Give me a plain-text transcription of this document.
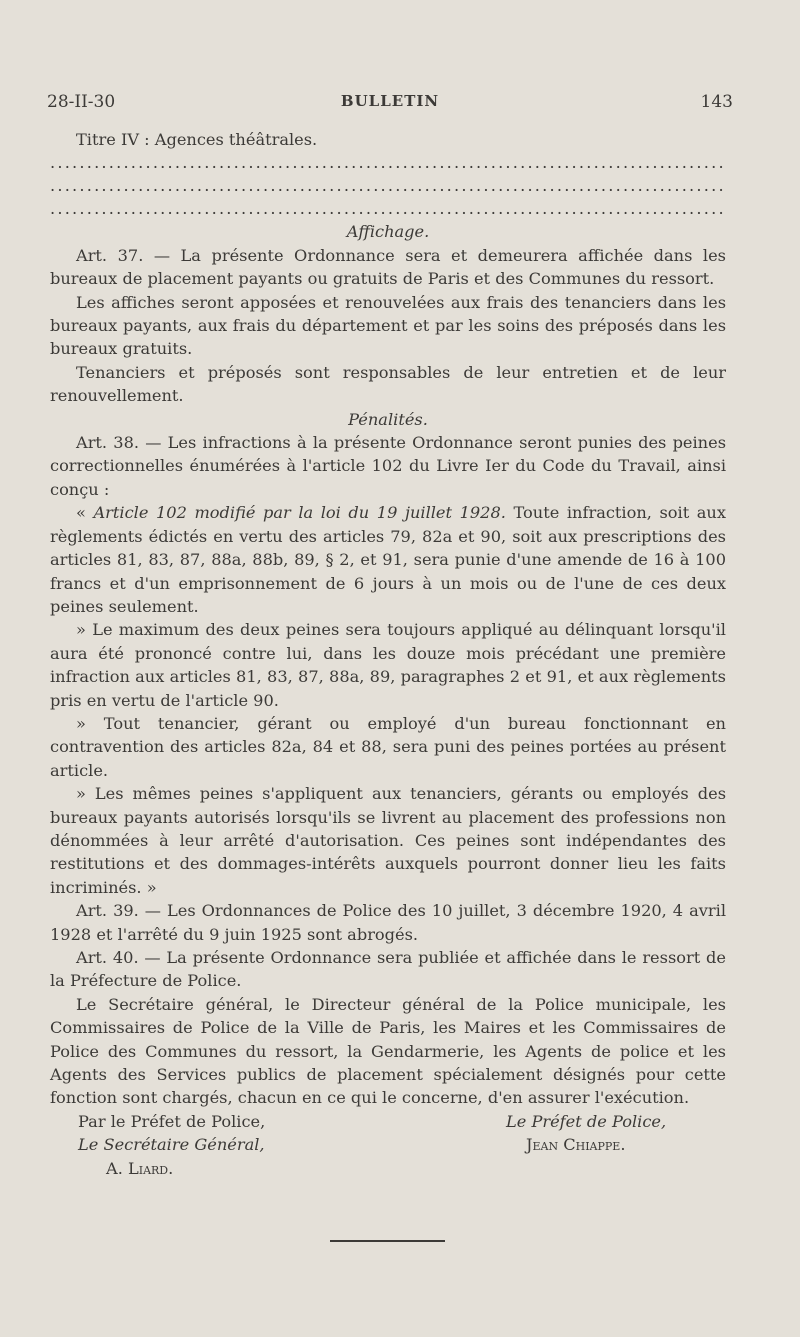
28-II-30	BULLETIN	143

Titre IV : Agences théâtrales.

.....
.....
.....

Affichage.

Art. 37. — La présente Ordonnance sera et demeurera affichée dans les bureaux de placement payants ou gratuits de Paris et des Communes du ressort.

Les affiches seront apposées et renouvelées aux frais des tenanciers dans les bureaux payants, aux frais du département et par les soins des préposés dans les bureaux gratuits.

Tenanciers et préposés sont responsables de leur entretien et de leur renouvellement.

Pénalités.

Art. 38. — Les infractions à la présente Ordonnance seront punies des peines correctionnelles énumérées à l'article 102 du Livre Ier du Code du Travail, ainsi conçu :

« Article 102 modifié par la loi du 19 juillet 1928. Toute infraction, soit aux règlements édictés en vertu des articles 79, 82a et 90, soit aux prescriptions des articles 81, 83, 87, 88a, 88b, 89, § 2, et 91, sera punie d'une amende de 16 à 100 francs et d'un emprisonnement de 6 jours à un mois ou de l'une de ces deux peines seulement.

» Le maximum des deux peines sera toujours appliqué au délinquant lorsqu'il aura été prononcé contre lui, dans les douze mois précédant une première infraction aux articles 81, 83, 87, 88a, 89, paragraphes 2 et 91, et aux règlements pris en vertu de l'article 90.

» Tout tenancier, gérant ou employé d'un bureau fonctionnant en contravention des articles 82a, 84 et 88, sera puni des peines portées au présent article.

» Les mêmes peines s'appliquent aux tenanciers, gérants ou employés des bureaux payants autorisés lorsqu'ils se livrent au placement des professions non dénommées à leur arrêté d'autorisation. Ces peines sont indépendantes des restitutions et des dommages-intérêts auxquels pourront donner lieu les faits incriminés. »

Art. 39. — Les Ordonnances de Police des 10 juillet, 3 décembre 1920, 4 avril 1928 et l'arrêté du 9 juin 1925 sont abrogés.

Art. 40. — La présente Ordonnance sera publiée et affichée dans le ressort de la Préfecture de Police.

Le Secrétaire général, le Directeur général de la Police municipale, les Commissaires de Police de la Ville de Paris, les Maires et les Commissaires de Police des Communes du ressort, la Gendarmerie, les Agents de police et les Agents des Services publics de placement spécialement désignés pour cette fonction sont chargés, chacun en ce qui le concerne, d'en assurer l'exécution.

Par le Préfet de Police,
Le Secrétaire Général,
A. Liard.
Le Préfet de Police,
Jean Chiappe.
